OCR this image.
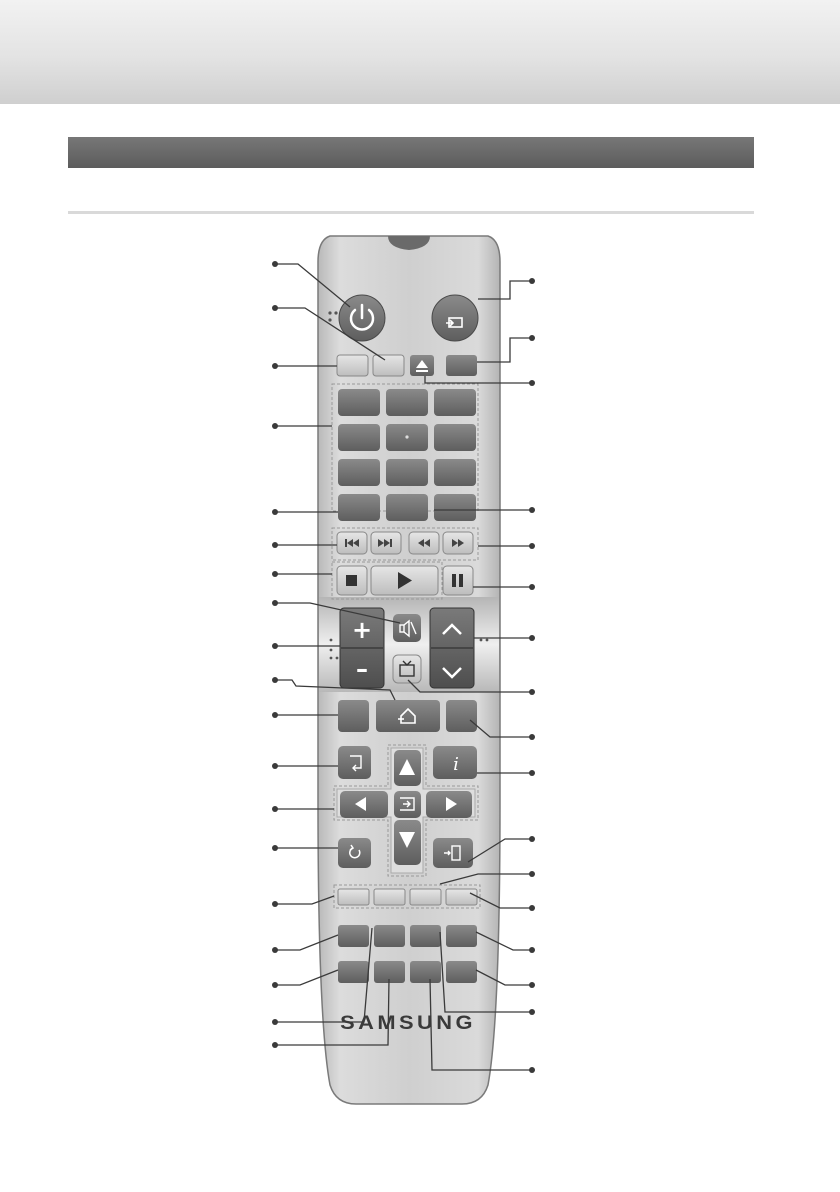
+
–
i
SAMSUNG
